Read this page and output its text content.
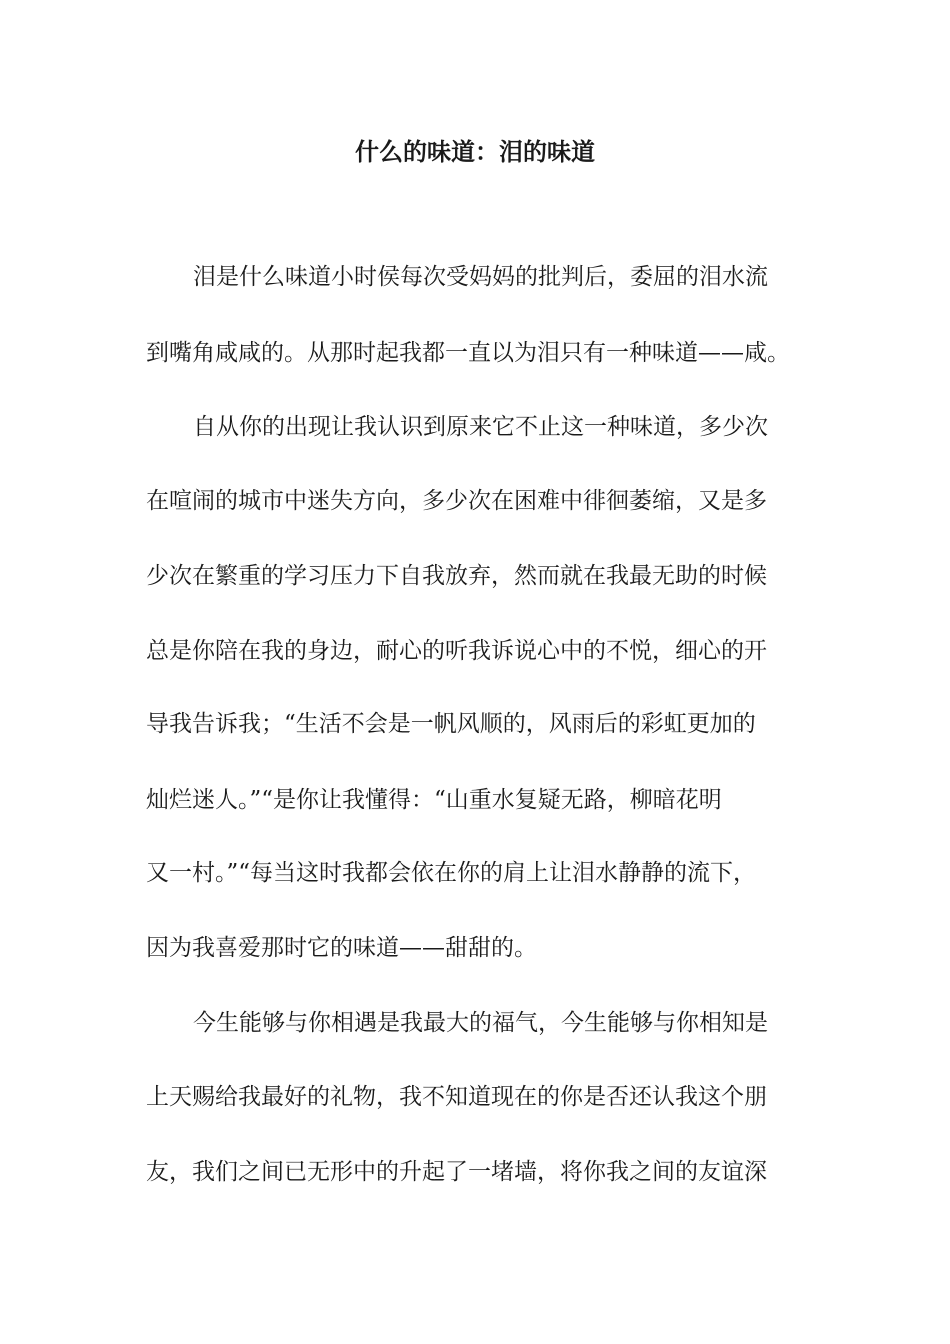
什么的味道：泪的味道
泪是什么味道小时侯每次受妈妈的批判后，委屈的泪水流
到嘴角咸咸的。从那时起我都一直以为泪只有一种味道——咸。
自从你的出现让我认识到原来它不止这一种味道，多少次
在喧闹的城市中迷失方向，多少次在困难中徘徊萎缩，又是多
少次在繁重的学习压力下自我放弃，然而就在我最无助的时候
总是你陪在我的身边，耐心的听我诉说心中的不悦，细心的开
导我告诉我；“生活不会是一帆风顺的，风雨后的彩虹更加的
灿烂迷人。”“是你让我懂得：“山重水复疑无路，柳暗花明
又一村。”“每当这时我都会依在你的肩上让泪水静静的流下，
因为我喜爱那时它的味道——甜甜的。
今生能够与你相遇是我最大的福气，今生能够与你相知是
上天赐给我最好的礼物，我不知道现在的你是否还认我这个朋
友，我们之间已无形中的升起了一堵墙，将你我之间的友谊深
